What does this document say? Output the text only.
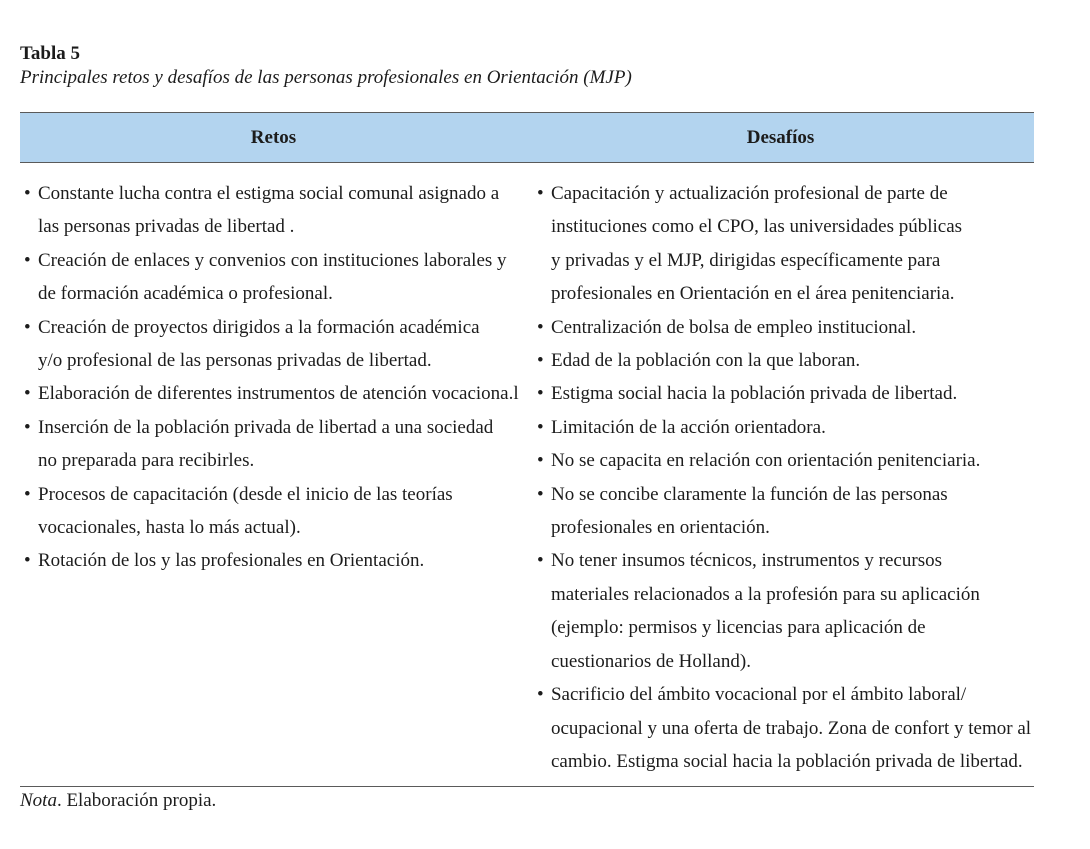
Tabla 5

Principales retos y desafíos de las personas profesionales en Orientación (MJP)

Retos	Desafíos
• Constante lucha contra el estigma social comunal asignado a
las personas privadas de libertad .
• Creación de enlaces y convenios con instituciones laborales y
de formación académica o profesional.
• Creación de proyectos dirigidos a la formación académica
y/o profesional de las personas privadas de libertad.
• Elaboración de diferentes instrumentos de atención vocaciona.l
• Inserción de la población privada de libertad a una sociedad
no preparada para recibirles.
• Procesos de capacitación (desde el inicio de las teorías
vocacionales, hasta lo más actual).
• Rotación de los y las profesionales en Orientación.
• Capacitación y actualización profesional de parte de
instituciones como el CPO, las universidades públicas
y privadas y el MJP, dirigidas específicamente para
profesionales en Orientación en el área penitenciaria.
• Centralización de bolsa de empleo institucional.
• Edad de la población con la que laboran.
• Estigma social hacia la población privada de libertad.
• Limitación de la acción orientadora.
• No se capacita en relación con orientación penitenciaria.
• No se concibe claramente la función de las personas
profesionales en orientación.
• No tener insumos técnicos, instrumentos y recursos
materiales relacionados a la profesión para su aplicación
(ejemplo: permisos y licencias para aplicación de
cuestionarios de Holland).
• Sacrificio del ámbito vocacional por el ámbito laboral/
ocupacional y una oferta de trabajo. Zona de confort y temor al
cambio. Estigma social hacia la población privada de libertad.

Nota. Elaboración propia.
